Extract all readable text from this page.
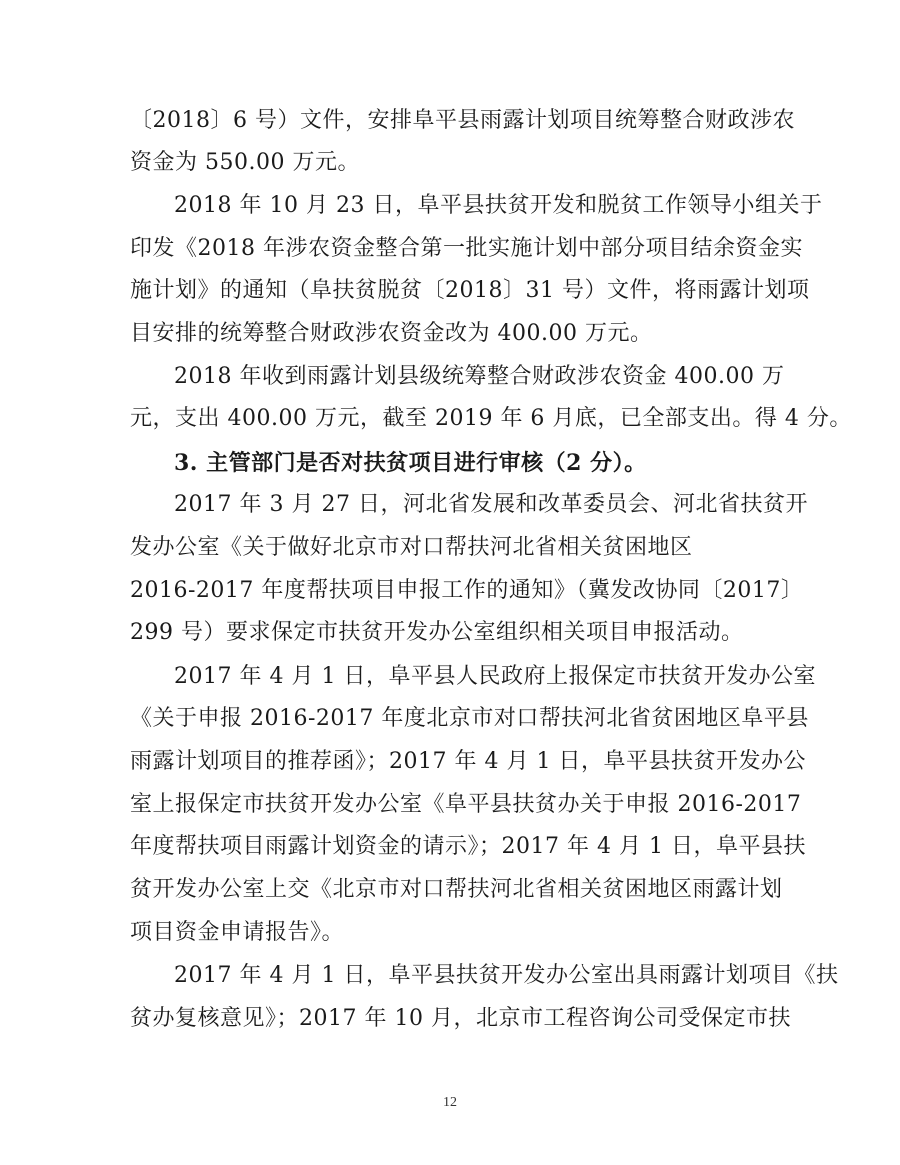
〔2018〕6 号）文件，安排阜平县雨露计划项目统筹整合财政涉农
资金为 550.00 万元。
2018 年 10 月 23 日，阜平县扶贫开发和脱贫工作领导小组关于
印发《2018 年涉农资金整合第一批实施计划中部分项目结余资金实
施计划》的通知（阜扶贫脱贫〔2018〕31 号）文件，将雨露计划项
目安排的统筹整合财政涉农资金改为 400.00 万元。
2018 年收到雨露计划县级统筹整合财政涉农资金 400.00 万
元，支出 400.00 万元，截至 2019 年 6 月底，已全部支出。得 4 分。
3. 主管部门是否对扶贫项目进行审核（2 分）。
2017 年 3 月 27 日，河北省发展和改革委员会、河北省扶贫开
发办公室《关于做好北京市对口帮扶河北省相关贫困地区
2016-2017 年度帮扶项目申报工作的通知》（冀发改协同〔2017〕
299 号）要求保定市扶贫开发办公室组织相关项目申报活动。
2017 年 4 月 1 日，阜平县人民政府上报保定市扶贫开发办公室
《关于申报 2016-2017 年度北京市对口帮扶河北省贫困地区阜平县
雨露计划项目的推荐函》；2017 年 4 月 1 日，阜平县扶贫开发办公
室上报保定市扶贫开发办公室《阜平县扶贫办关于申报 2016-2017
年度帮扶项目雨露计划资金的请示》；2017 年 4 月 1 日，阜平县扶
贫开发办公室上交《北京市对口帮扶河北省相关贫困地区雨露计划
项目资金申请报告》。
2017 年 4 月 1 日，阜平县扶贫开发办公室出具雨露计划项目《扶
贫办复核意见》；2017 年 10 月，北京市工程咨询公司受保定市扶
12
